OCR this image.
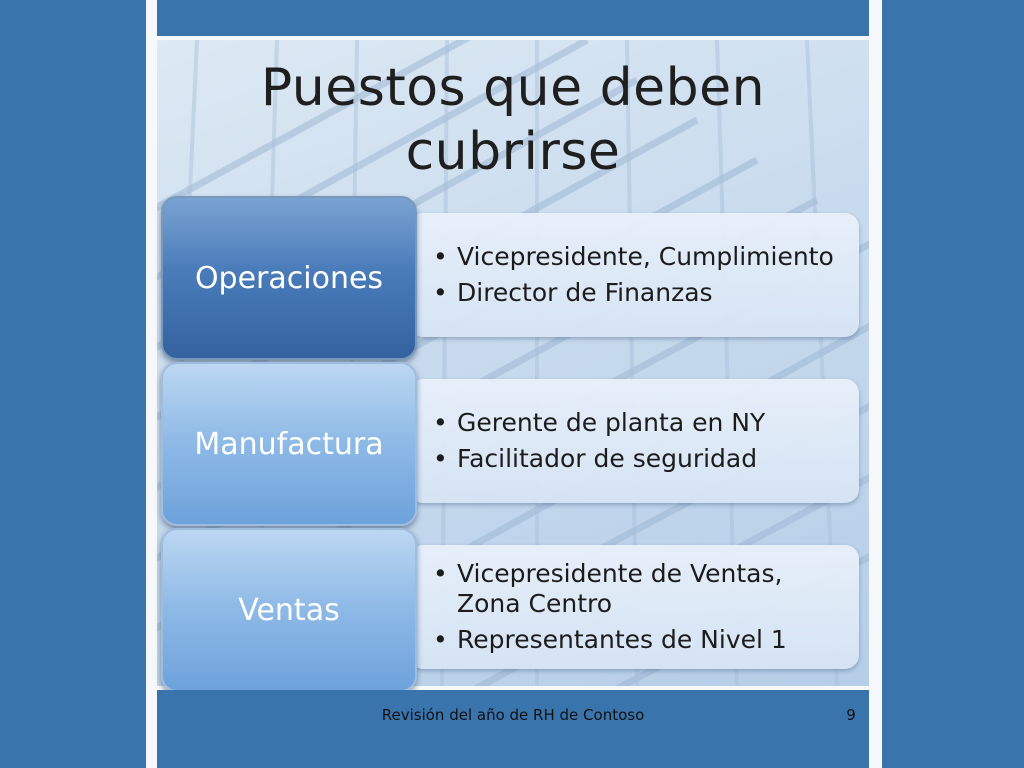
Puestos que deben cubrirse
• Vicepresidente, Cumplimiento
• Director de Finanzas
Operaciones
• Gerente de planta en NY
• Facilitador de seguridad
Manufactura
• Vicepresidente de Ventas, Zona Centro
• Representantes de Nivel 1
Ventas
Revisión del año de RH de Contoso	9
